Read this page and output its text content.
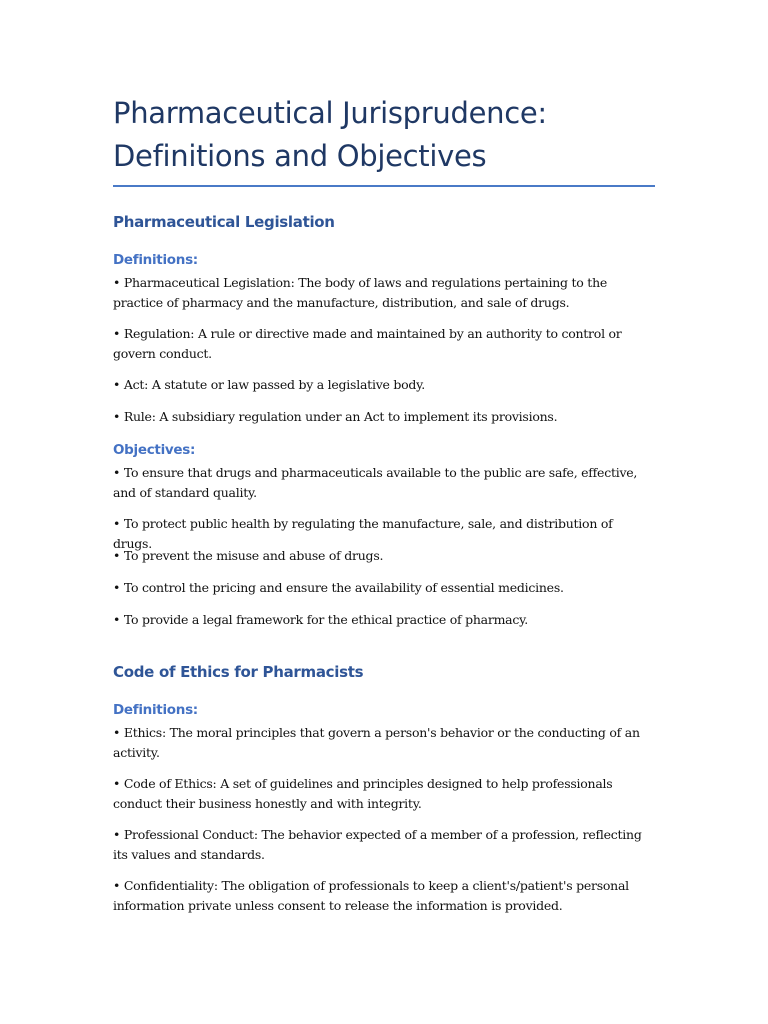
Pharmaceutical Jurisprudence:
Definitions and Objectives
Pharmaceutical Legislation
Definitions:
• Pharmaceutical Legislation: The body of laws and regulations pertaining to the practice of pharmacy and the manufacture, distribution, and sale of drugs.
• Regulation: A rule or directive made and maintained by an authority to control or govern conduct.
• Act: A statute or law passed by a legislative body.
• Rule: A subsidiary regulation under an Act to implement its provisions.
Objectives:
• To ensure that drugs and pharmaceuticals available to the public are safe, effective, and of standard quality.
• To protect public health by regulating the manufacture, sale, and distribution of drugs.
• To prevent the misuse and abuse of drugs.
• To control the pricing and ensure the availability of essential medicines.
• To provide a legal framework for the ethical practice of pharmacy.
Code of Ethics for Pharmacists
Definitions:
• Ethics: The moral principles that govern a person's behavior or the conducting of an activity.
• Code of Ethics: A set of guidelines and principles designed to help professionals conduct their business honestly and with integrity.
• Professional Conduct: The behavior expected of a member of a profession, reflecting its values and standards.
• Confidentiality: The obligation of professionals to keep a client's/patient's personal information private unless consent to release the information is provided.
